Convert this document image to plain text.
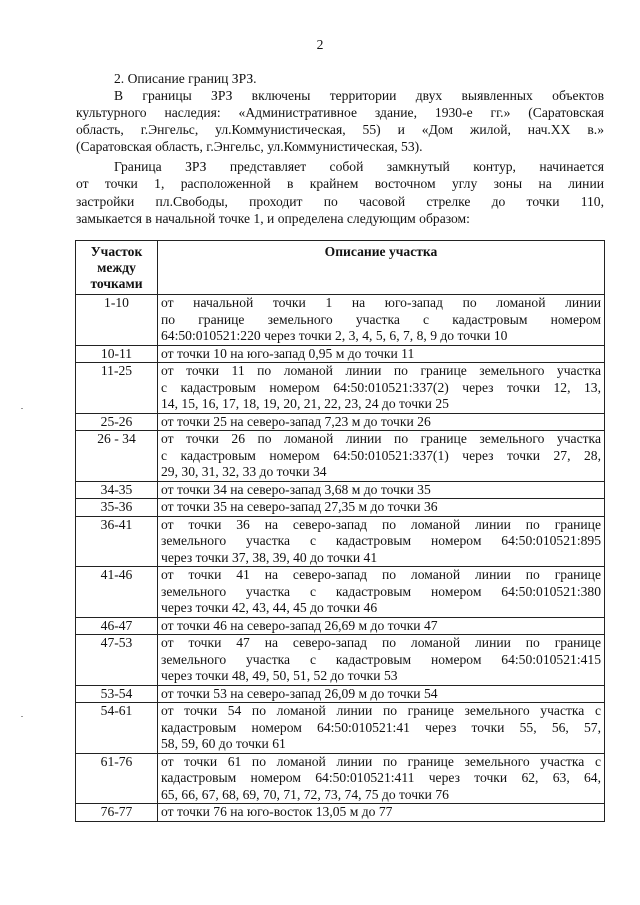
2
2. Описание границ ЗРЗ.
В границы ЗРЗ включены территории двух выявленных объектов
культурного наследия: «Административное здание, 1930-е гг.» (Саратовская
область, г.Энгельс, ул.Коммунистическая, 55) и «Дом жилой, нач.XX в.»
(Саратовская область, г.Энгельс, ул.Коммунистическая, 53).
Граница ЗРЗ представляет собой замкнутый контур, начинается
от точки 1, расположенной в крайнем восточном углу зоны на линии
застройки пл.Свободы, проходит по часовой стрелке до точки 110,
замыкается в начальной точке 1, и определена следующим образом:
Участок
между
точками	Описание участка
1-10	от начальной точки 1 на юго-запад по ломаной линии
по границе земельного участка с кадастровым номером
64:50:010521:220 через точки 2, 3, 4, 5, 6, 7, 8, 9 до точки 10

10-11	от точки 10 на юго-запад 0,95 м до точки 11

11-25	от точки 11 по ломаной линии по границе земельного участка
с кадастровым номером 64:50:010521:337(2) через точки 12, 13,
14, 15, 16, 17, 18, 19, 20, 21, 22, 23, 24 до точки 25

25-26	от точки 25 на северо-запад 7,23 м до точки 26

26 - 34	от точки 26 по ломаной линии по границе земельного участка
с кадастровым номером 64:50:010521:337(1) через точки 27, 28,
29, 30, 31, 32, 33 до точки 34

34-35	от точки 34 на северо-запад 3,68 м до точки 35

35-36	от точки 35 на северо-запад 27,35 м до точки 36

36-41	от точки 36 на северо-запад по ломаной линии по границе
земельного участка с кадастровым номером 64:50:010521:895
через точки 37, 38, 39, 40 до точки 41

41-46	от точки 41 на северо-запад по ломаной линии по границе
земельного участка с кадастровым номером 64:50:010521:380
через точки 42, 43, 44, 45 до точки 46

46-47	от точки 46 на северо-запад 26,69 м до точки 47

47-53	от точки 47 на северо-запад по ломаной линии по границе
земельного участка с кадастровым номером 64:50:010521:415
через точки 48, 49, 50, 51, 52 до точки 53

53-54	от точки 53 на северо-запад 26,09 м до точки 54

54-61	от точки 54 по ломаной линии по границе земельного участка с
кадастровым номером 64:50:010521:41 через точки 55, 56, 57,
58, 59, 60 до точки 61

61-76	от точки 61 по ломаной линии по границе земельного участка с
кадастровым номером 64:50:010521:411 через точки 62, 63, 64,
65, 66, 67, 68, 69, 70, 71, 72, 73, 74, 75 до точки 76

76-77	от точки 76 на юго-восток 13,05 м до 77
